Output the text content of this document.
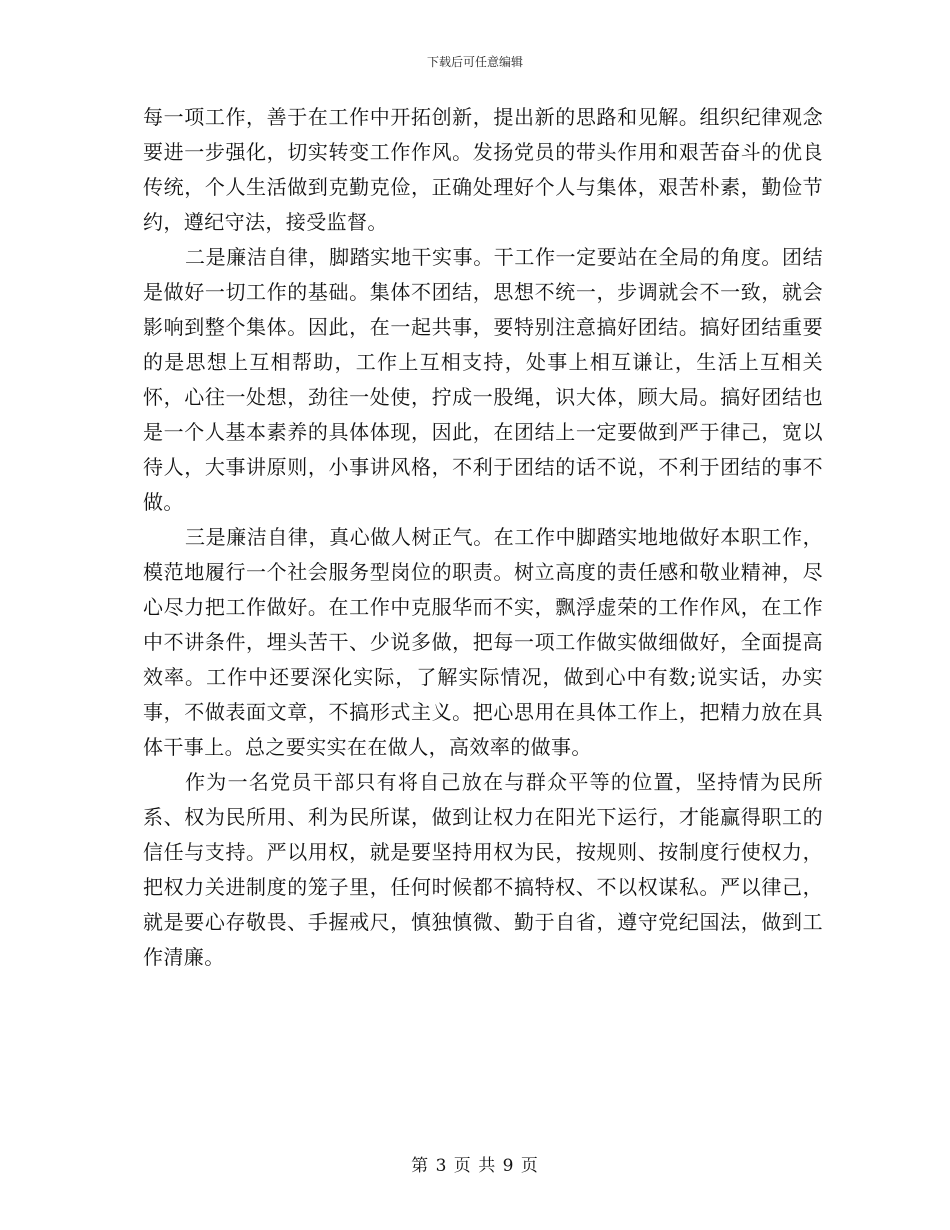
下载后可任意编辑

每一项工作，善于在工作中开拓创新，提出新的思路和见解。组织纪律观念要进一步强化，切实转变工作作风。发扬党员的带头作用和艰苦奋斗的优良传统，个人生活做到克勤克俭，正确处理好个人与集体，艰苦朴素，勤俭节约，遵纪守法，接受监督。

二是廉洁自律，脚踏实地干实事。干工作一定要站在全局的角度。团结是做好一切工作的基础。集体不团结，思想不统一，步调就会不一致，就会影响到整个集体。因此，在一起共事，要特别注意搞好团结。搞好团结重要的是思想上互相帮助，工作上互相支持，处事上相互谦让，生活上互相关怀，心往一处想，劲往一处使，拧成一股绳，识大体，顾大局。搞好团结也是一个人基本素养的具体体现，因此，在团结上一定要做到严于律己，宽以待人，大事讲原则，小事讲风格，不利于团结的话不说，不利于团结的事不做。

三是廉洁自律，真心做人树正气。在工作中脚踏实地地做好本职工作，模范地履行一个社会服务型岗位的职责。树立高度的责任感和敬业精神，尽心尽力把工作做好。在工作中克服华而不实，飘浮虚荣的工作作风，在工作中不讲条件，埋头苦干、少说多做，把每一项工作做实做细做好，全面提高效率。工作中还要深化实际，了解实际情况，做到心中有数;说实话，办实事，不做表面文章，不搞形式主义。把心思用在具体工作上，把精力放在具体干事上。总之要实实在在做人，高效率的做事。

作为一名党员干部只有将自己放在与群众平等的位置，坚持情为民所系、权为民所用、利为民所谋，做到让权力在阳光下运行，才能赢得职工的信任与支持。严以用权，就是要坚持用权为民，按规则、按制度行使权力，把权力关进制度的笼子里，任何时候都不搞特权、不以权谋私。严以律己，就是要心存敬畏、手握戒尺，慎独慎微、勤于自省，遵守党纪国法，做到工作清廉。

第 3 页 共 9 页
